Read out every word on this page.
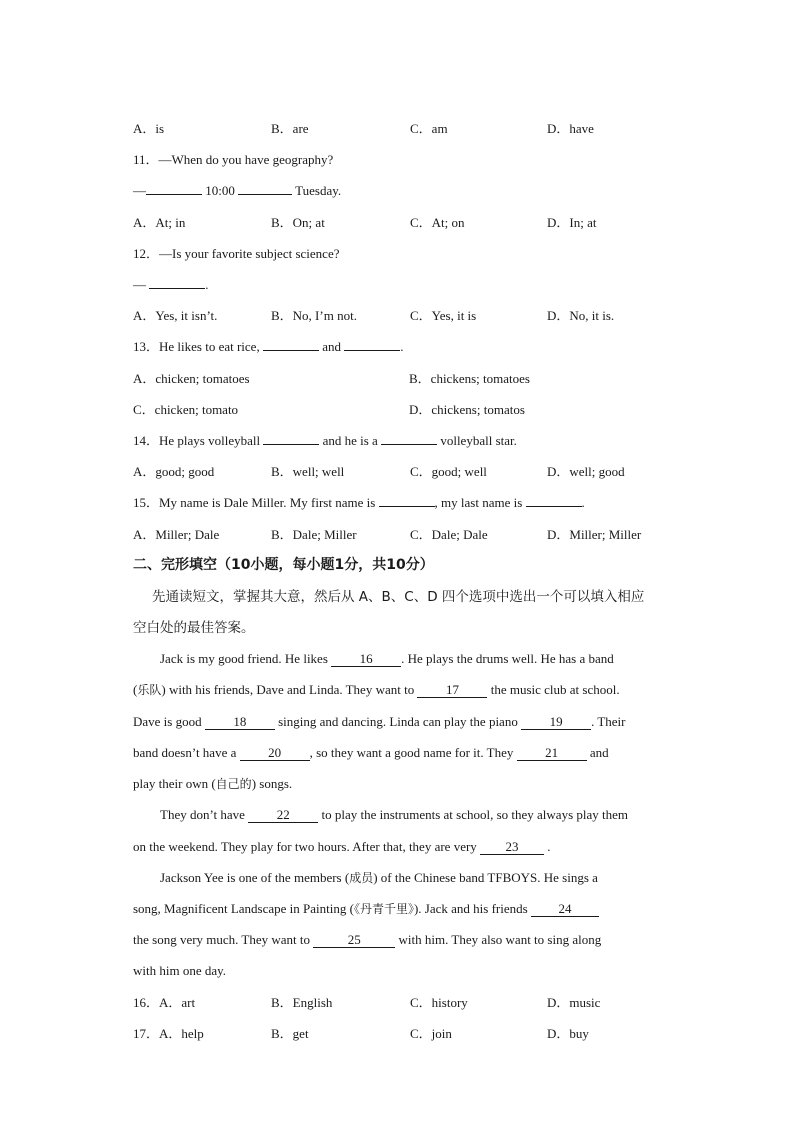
A．is	B．are	C．am	D．have
11．—When do you have geography?
—	10:00	Tuesday.
A．At; in	B．On; at	C．At; on	D．In; at
12．—Is your favorite subject science?
—	.
A．Yes, it isn’t.	B．No, I’m not.	C．Yes, it is	D．No, it is.
13．He likes to eat rice,	and	.
A．chicken; tomatoes	B．chickens; tomatoes
C．chicken; tomato	D．chickens; tomatos
14．He plays volleyball	and he is a	volleyball star.
A．good; good	B．well; well	C．good; well	D．well; good
15．My name is Dale Miller. My first name is	, my last name is	.
A．Miller; Dale	B．Dale; Miller	C．Dale; Dale	D．Miller; Miller
二、完形填空（10小题，每小题1分，共10分）
先通读短文，掌握其大意，然后从 A、B、C、D 四个选项中选出一个可以填入相应
空白处的最佳答案。
Jack is my good friend. He likes 16 . He plays the drums well. He has a band
(乐队) with his friends, Dave and Linda. They want to 17 the music club at school.
Dave is good 18 singing and dancing. Linda can play the piano 19 . Their
band doesn’t have a 20 , so they want a good name for it. They 21 and
play their own (自己的) songs.
They don’t have 22 to play the instruments at school, so they always play them
on the weekend. They play for two hours. After that, they are very 23 .
Jackson Yee is one of the members (成员) of the Chinese band TFBOYS. He sings a
song, Magnificent Landscape in Painting (《丹青千里》). Jack and his friends 24
the song very much. They want to	25	with him. They also want to sing along
with him one day.
16．A．art	B．English	C．history	D．music
17．A．help	B．get	C．join	D．buy
